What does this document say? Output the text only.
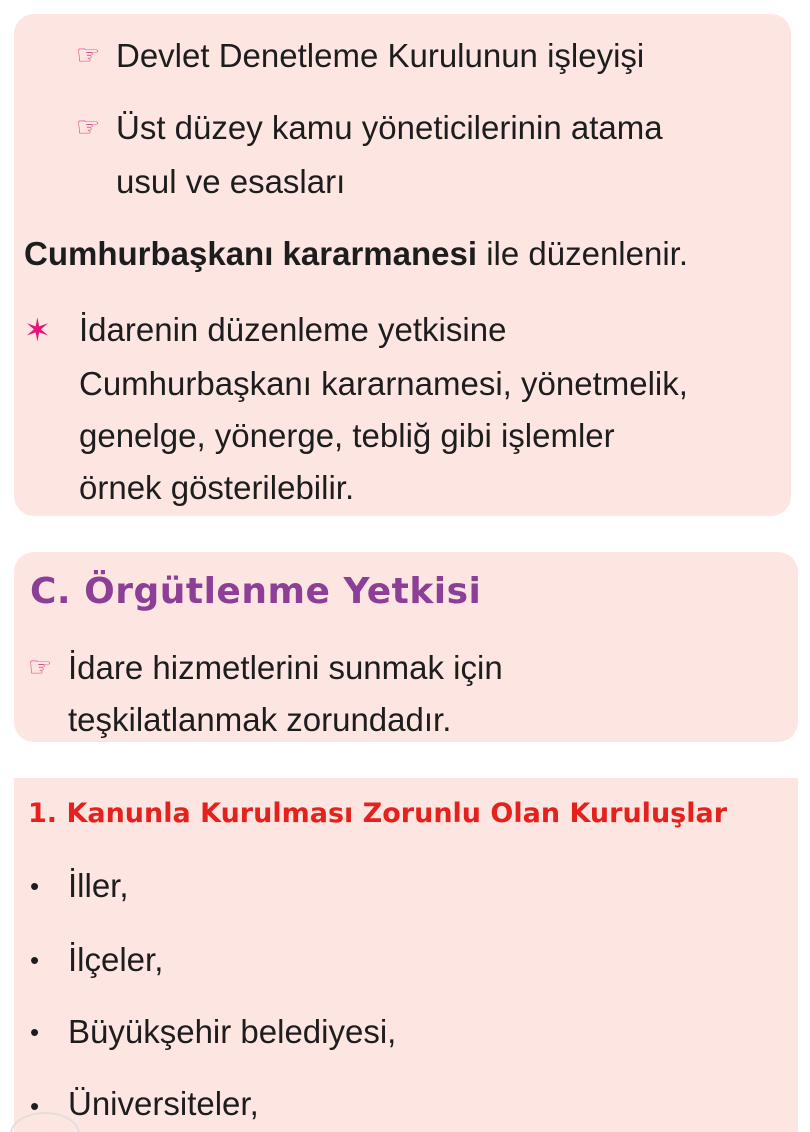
☞ Devlet Denetleme Kurulunun işleyişi

☞ Üst düzey kamu yöneticilerinin atama

usul ve esasları

Cumhurbaşkanı kararmanesi ile düzenlenir.

✶ İdarenin düzenleme yetkisine

Cumhurbaşkanı kararnamesi, yönetmelik,

genelge, yönerge, tebliğ gibi işlemler

örnek gösterilebilir.

C. Örgütlenme Yetkisi
☞ İdare hizmetlerini sunmak için

teşkilatlanmak zorundadır.

1. Kanunla Kurulması Zorunlu Olan Kuruluşlar
• İller,

• İlçeler,

• Büyükşehir belediyesi,

• Üniversiteler,
